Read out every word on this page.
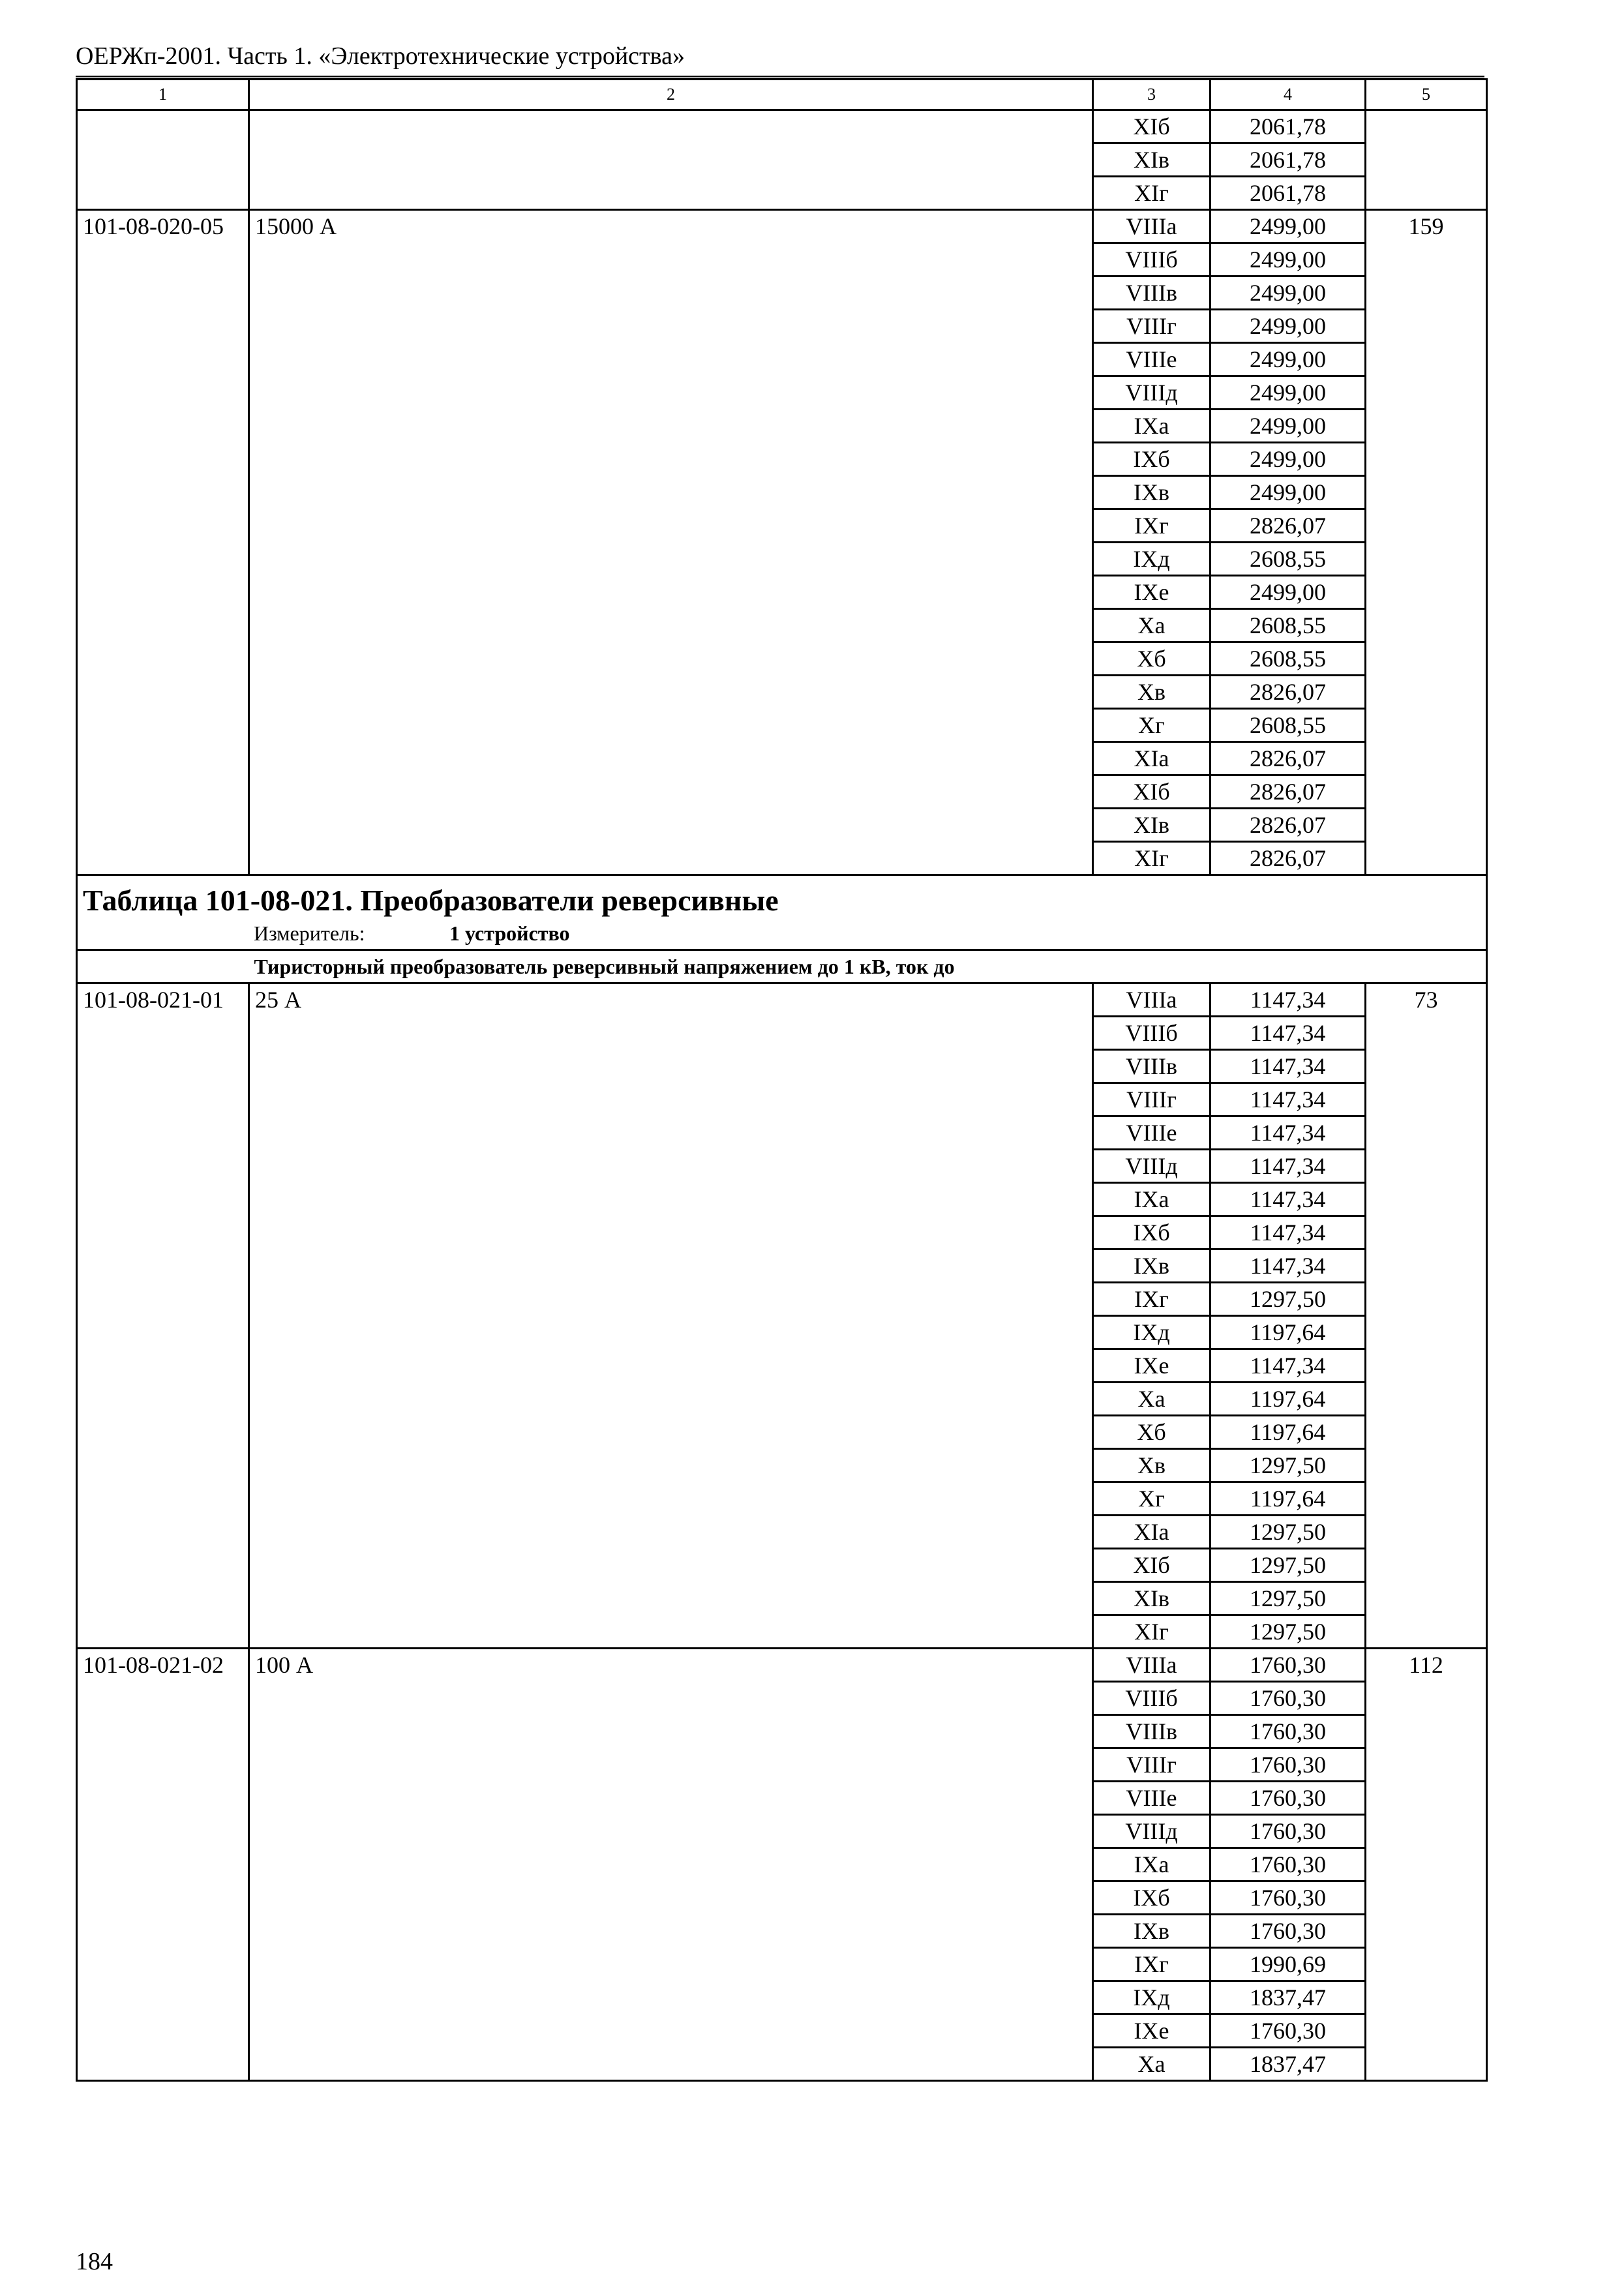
ОЕРЖп-2001. Часть 1. «Электротехнические устройства»
1	2	3	4	5
		XIб	2061,78	
		XIв	2061,78	
		XIг	2061,78	
101-08-020-05	15000 А	VIIIа	2499,00	159
		VIIIб	2499,00	
		VIIIв	2499,00	
		VIIIг	2499,00	
		VIIIе	2499,00	
		VIIIд	2499,00	
		IXа	2499,00	
		IXб	2499,00	
		IXв	2499,00	
		IXг	2826,07	
		IXд	2608,55	
		IXе	2499,00	
		Xа	2608,55	
		Xб	2608,55	
		Xв	2826,07	
		Xг	2608,55	
		XIа	2826,07	
		XIб	2826,07	
		XIв	2826,07	
		XIг	2826,07	

Таблица 101-08-021. Преобразователи реверсивные
Измеритель: 1 устройство				

	Тиристорный преобразователь реверсивный напряжением до 1 кВ, ток до			
101-08-021-01	25 А	VIIIа	1147,34	73
		VIIIб	1147,34	
		VIIIв	1147,34	
		VIIIг	1147,34	
		VIIIе	1147,34	
		VIIIд	1147,34	
		IXа	1147,34	
		IXб	1147,34	
		IXв	1147,34	
		IXг	1297,50	
		IXд	1197,64	
		IXе	1147,34	
		Xа	1197,64	
		Xб	1197,64	
		Xв	1297,50	
		Xг	1197,64	
		XIа	1297,50	
		XIб	1297,50	
		XIв	1297,50	
		XIг	1297,50	
101-08-021-02	100 А	VIIIа	1760,30	112
		VIIIб	1760,30	
		VIIIв	1760,30	
		VIIIг	1760,30	
		VIIIе	1760,30	
		VIIIд	1760,30	
		IXа	1760,30	
		IXб	1760,30	
		IXв	1760,30	
		IXг	1990,69	
		IXд	1837,47	
		IXе	1760,30	
		Xа	1837,47	
184
